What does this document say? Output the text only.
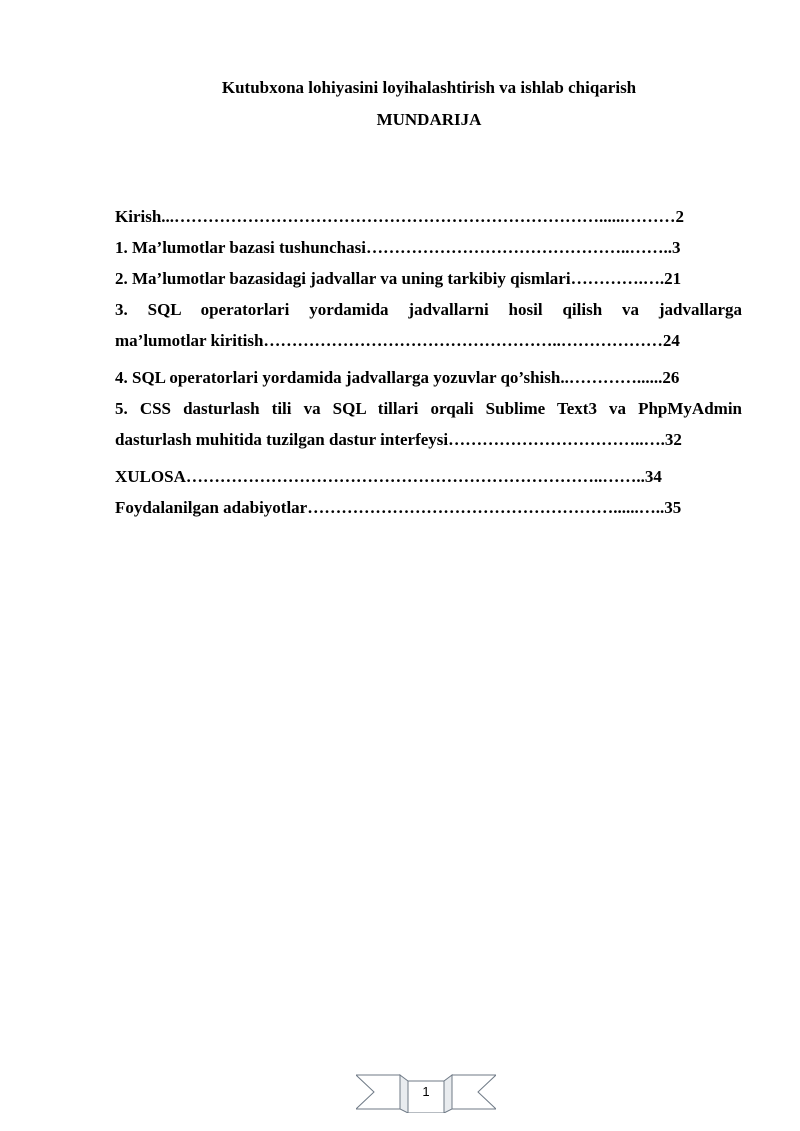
Kutubxona lohiyasini loyihalashtirish va ishlab chiqarish
MUNDARIJA
Kirish...…………………………………………………………………......………2
1. Ma’lumotlar bazasi tushunchasi………………………………………..……..3
2. Ma’lumotlar bazasidagi jadvallar va uning tarkibiy qismlari………….….21
3. SQL operatorlari yordamida jadvallarni hosil qilish va jadvallarga
ma’lumotlar kiritish……………………………………………..………………24
4. SQL operatorlari yordamida jadvallarga yozuvlar qo’shish..…………......26
5. CSS dasturlash tili va SQL tillari orqali Sublime Text3 va PhpMyAdmin
dasturlash muhitida tuzilgan dastur interfeysi……………………………..….32
XULOSA………………………………………………………………..……..34
Foydalanilgan adabiyotlar………………………………………………......…..35
1
